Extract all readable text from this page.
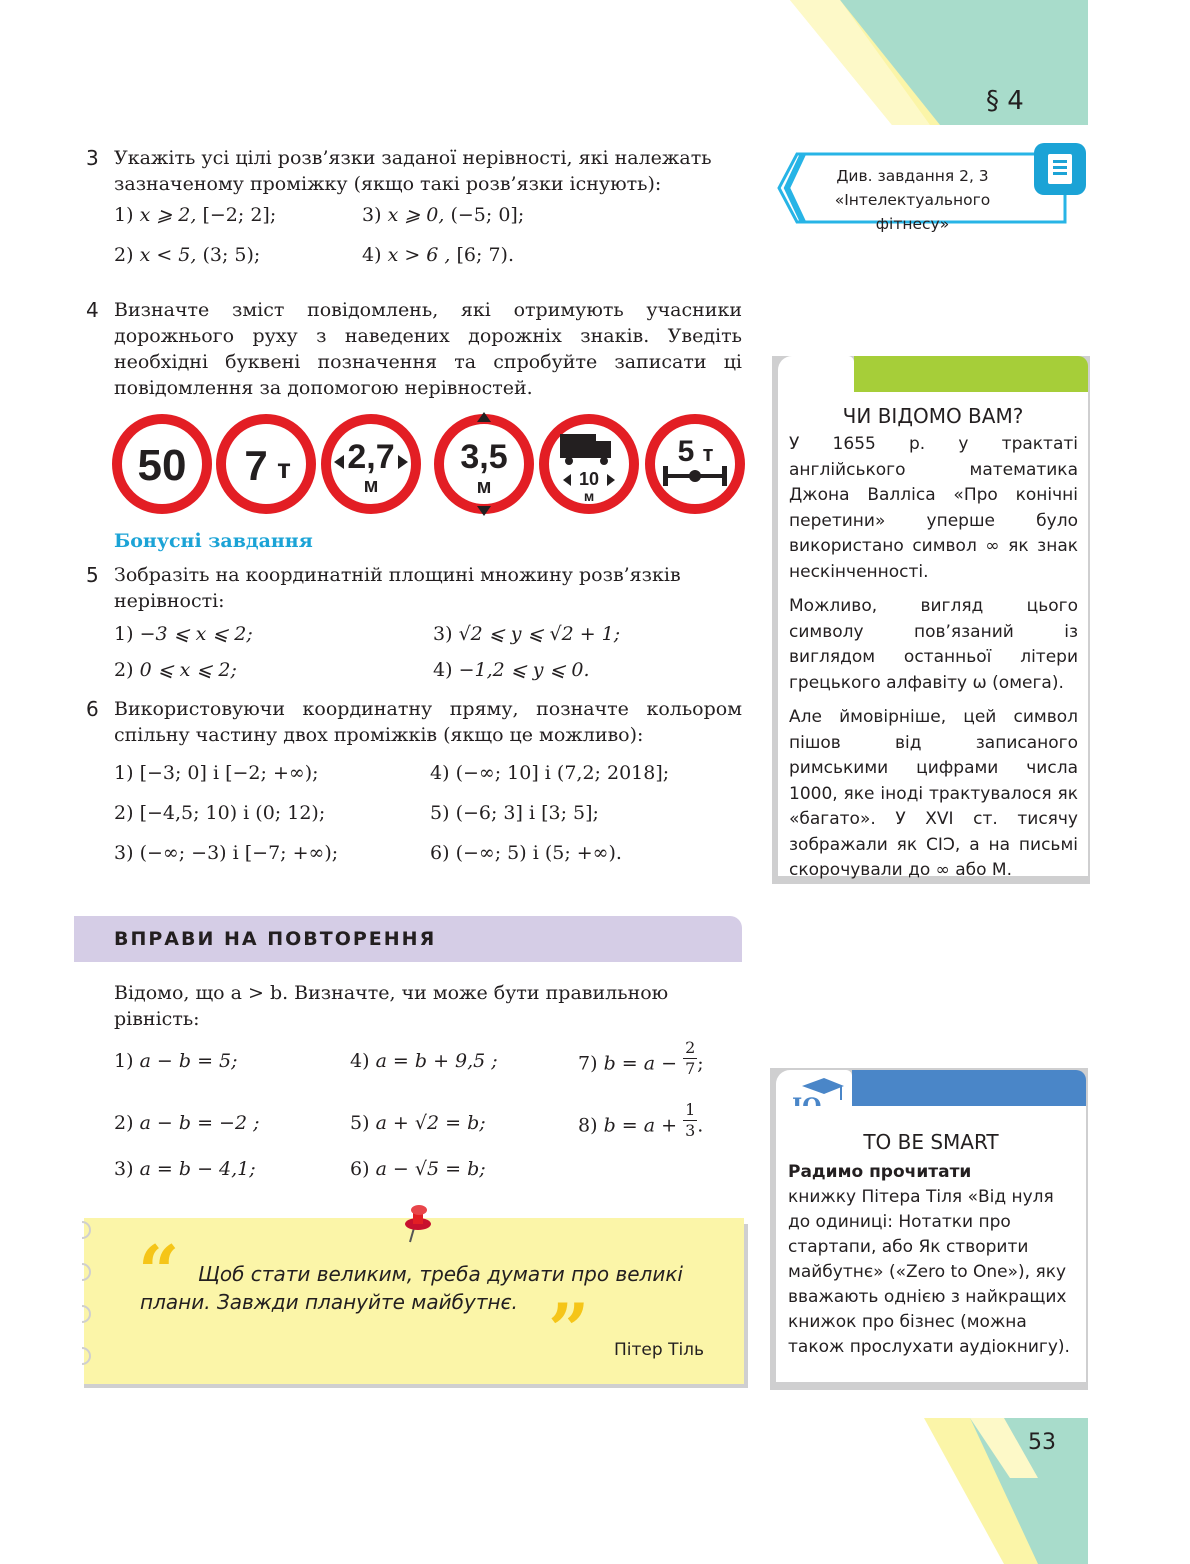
§ 4
Див. завдання 2, 3
«Інтелектуального фітнесу»
3 Укажіть усі цілі розв’язки заданої нерівності, які належать зазначеному проміжку (якщо такі розв’язки існують):
1) x ⩾ 2, [−2; 2];	3) x ⩾ 0, (−5; 0];
2) x < 5, (3; 5);	4) x > 6 , [6; 7).
4 Визначте зміст повідомлень, які отримують учасники дорожнього руху з наведених дорожніх знаків. Уведіть необхідні буквені позначення та спробуйте записати ці повідомлення за допомогою нерівностей.
50 7 т 2,7
м
3,5
м	10
м
5 т
Бонусні завдання
5 Зобразіть на координатній площині множину розв’язків нерівності:
1) −3 ⩽ x ⩽ 2;	3) √2 ⩽ y ⩽ √2 + 1;
2) 0 ⩽ x ⩽ 2;	4) −1,2 ⩽ y ⩽ 0.
6 Використовуючи координатну пряму, позначте кольором спільну частину двох проміжків (якщо це можливо):
1) [−3; 0] і [−2; +∞);	4) (−∞; 10] і (7,2; 2018];
2) [−4,5; 10) і (0; 12);	5) (−6; 3] і [3; 5];
3) (−∞; −3) і [−7; +∞);	6) (−∞; 5) і (5; +∞).
ЧИ ВІДОМО ВАМ?

У 1655 р. у трактаті англійського математика Джона Валліса «Про конічні перетини» уперше було використано символ ∞ як знак нескінченності.

Можливо, вигляд цього символу пов’язаний із виглядом останньої літери грецького алфавіту ω (омега).

Але ймовірніше, цей символ пішов від записаного римськими цифрами числа 1000, яке іноді трактувалося як «багато». У XVI ст. тисячу зображали як CIƆ, а на письмі скорочували до ∞ або M.

ВПРАВИ НА ПОВТОРЕННЯ
Відомо, що a > b. Визначте, чи може бути правильною рівність:
1) a − b = 5;	4) a = b + 9,5 ;	7) $b = a - \frac{2}{7}$ ;
2) a − b = −2 ;	5) a + √2 = b;	8) $b = a + \frac{1}{3}$ .
3) a = b − 4,1;	6) a − √5 = b;
TO BE SMART
Радимо прочитати
книжку Пітера Тіля «Від нуля до одиниці: Нотатки про стартапи, або Як створити майбутнє» («Zero to One»), яку вважають однією з найкращих книжок про бізнес (можна також прослухати аудіокнигу).
“ Щоб стати великим, треба думати про великі плани. Завжди плануйте майбутнє. ” Пітер Тіль
53
